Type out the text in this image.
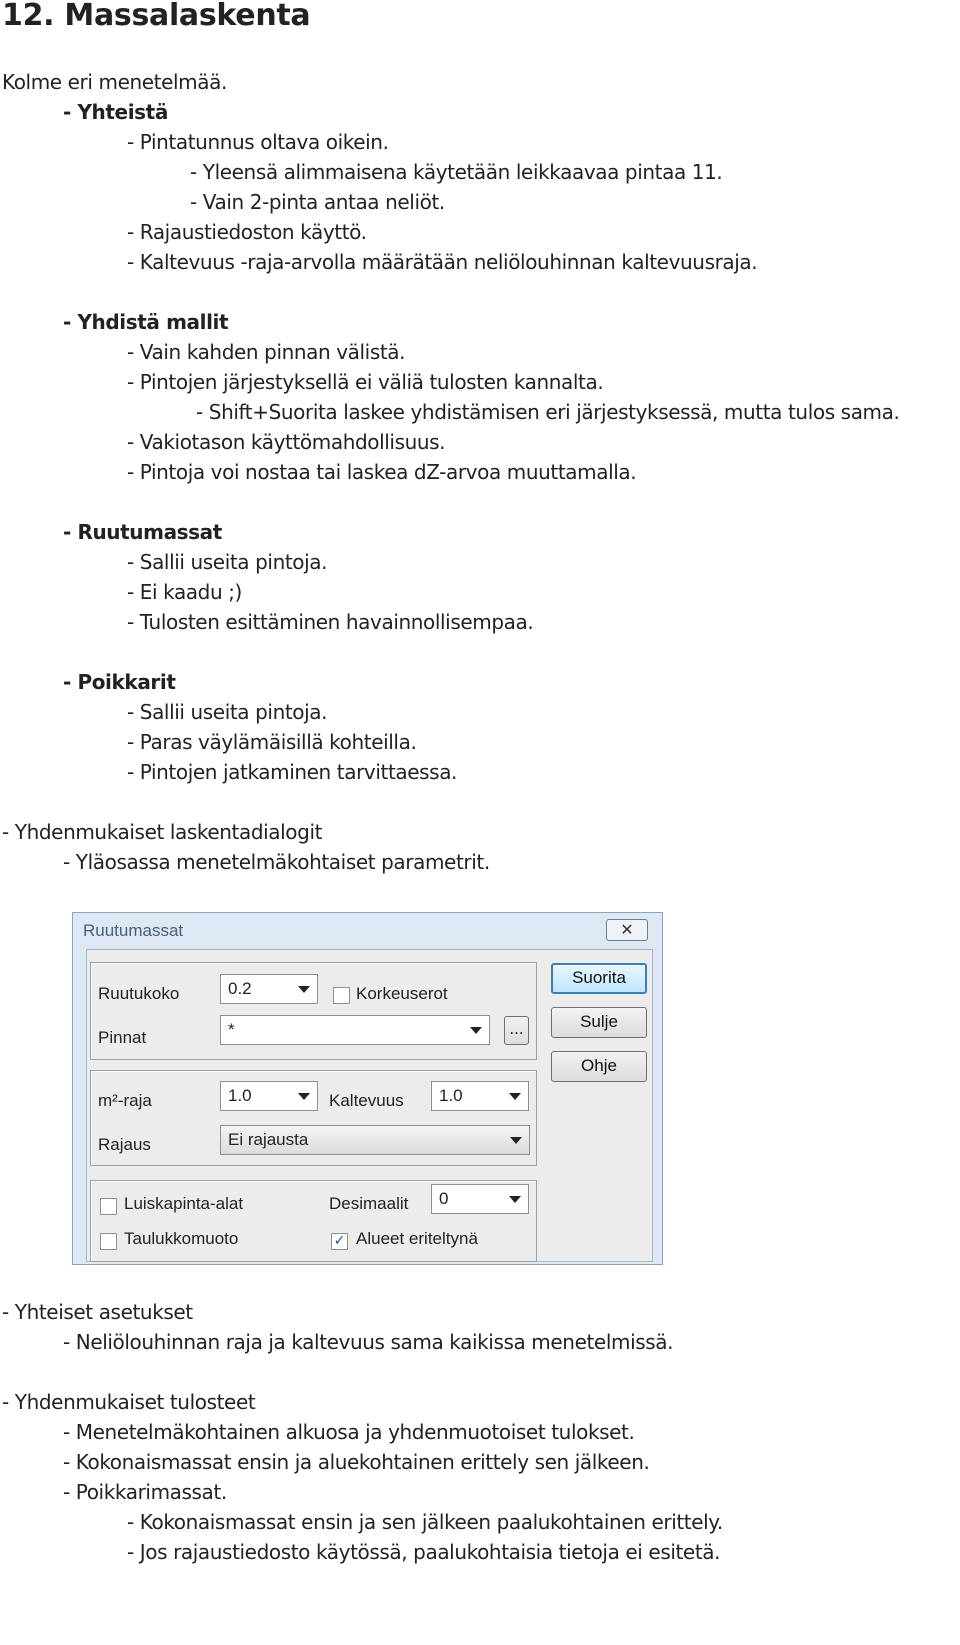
12. Massalaskenta
Kolme eri menetelmää.
- Yhteistä
- Pintatunnus oltava oikein.
- Yleensä alimmaisena käytetään leikkaavaa pintaa 11.
- Vain 2-pinta antaa neliöt.
- Rajaustiedoston käyttö.
- Kaltevuus -raja-arvolla määrätään neliölouhinnan kaltevuusraja.
- Yhdistä mallit
- Vain kahden pinnan välistä.
- Pintojen järjestyksellä ei väliä tulosten kannalta.
- Shift+Suorita laskee yhdistämisen eri järjestyksessä, mutta tulos sama.
- Vakiotason käyttömahdollisuus.
- Pintoja voi nostaa tai laskea dZ-arvoa muuttamalla.
- Ruutumassat
- Sallii useita pintoja.
- Ei kaadu ;)
- Tulosten esittäminen havainnollisempaa.
- Poikkarit
- Sallii useita pintoja.
- Paras väylämäisillä kohteilla.
- Pintojen jatkaminen tarvittaessa.
- Yhdenmukaiset laskentadialogit
- Yläosassa menetelmäkohtaiset parametrit.
Ruutumassat	✕
Ruutukoko	0.2	Korkeuserot
Pinnat	*	...
m²-raja	1.0	Kaltevuus 1.0
Rajaus	Ei rajausta
Luiskapinta-alat	Desimaalit 0
Taulukkomuoto	✓ Alueet eriteltynä
Suorita
Sulje
Ohje
- Yhteiset asetukset
- Neliölouhinnan raja ja kaltevuus sama kaikissa menetelmissä.
- Yhdenmukaiset tulosteet
- Menetelmäkohtainen alkuosa ja yhdenmuotoiset tulokset.
- Kokonaismassat ensin ja aluekohtainen erittely sen jälkeen.
- Poikkarimassat.
- Kokonaismassat ensin ja sen jälkeen paalukohtainen erittely.
- Jos rajaustiedosto käytössä, paalukohtaisia tietoja ei esitetä.
